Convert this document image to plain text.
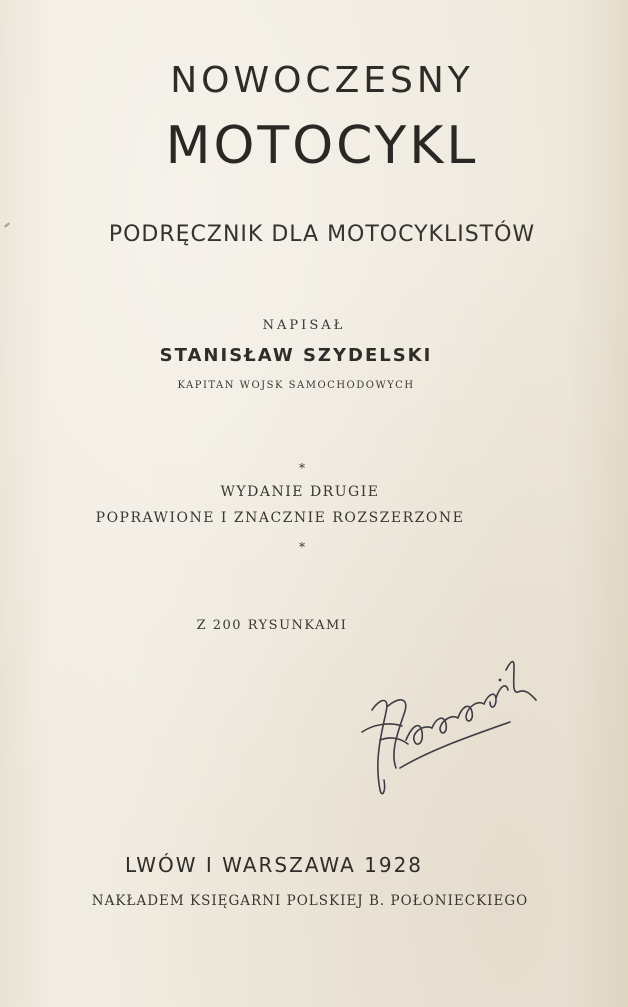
NOWOCZESNY
MOTOCYKL
PODRĘCZNIK DLA MOTOCYKLISTÓW
NAPISAŁ
STANISŁAW SZYDELSKI
KAPITAN WOJSK SAMOCHODOWYCH
*
WYDANIE DRUGIE
POPRAWIONE I ZNACZNIE ROZSZERZONE
*
Z 200 RYSUNKAMI
LWÓW I WARSZAWA 1928
NAKŁADEM KSIĘGARNI POLSKIEJ B. POŁONIECKIEGO
